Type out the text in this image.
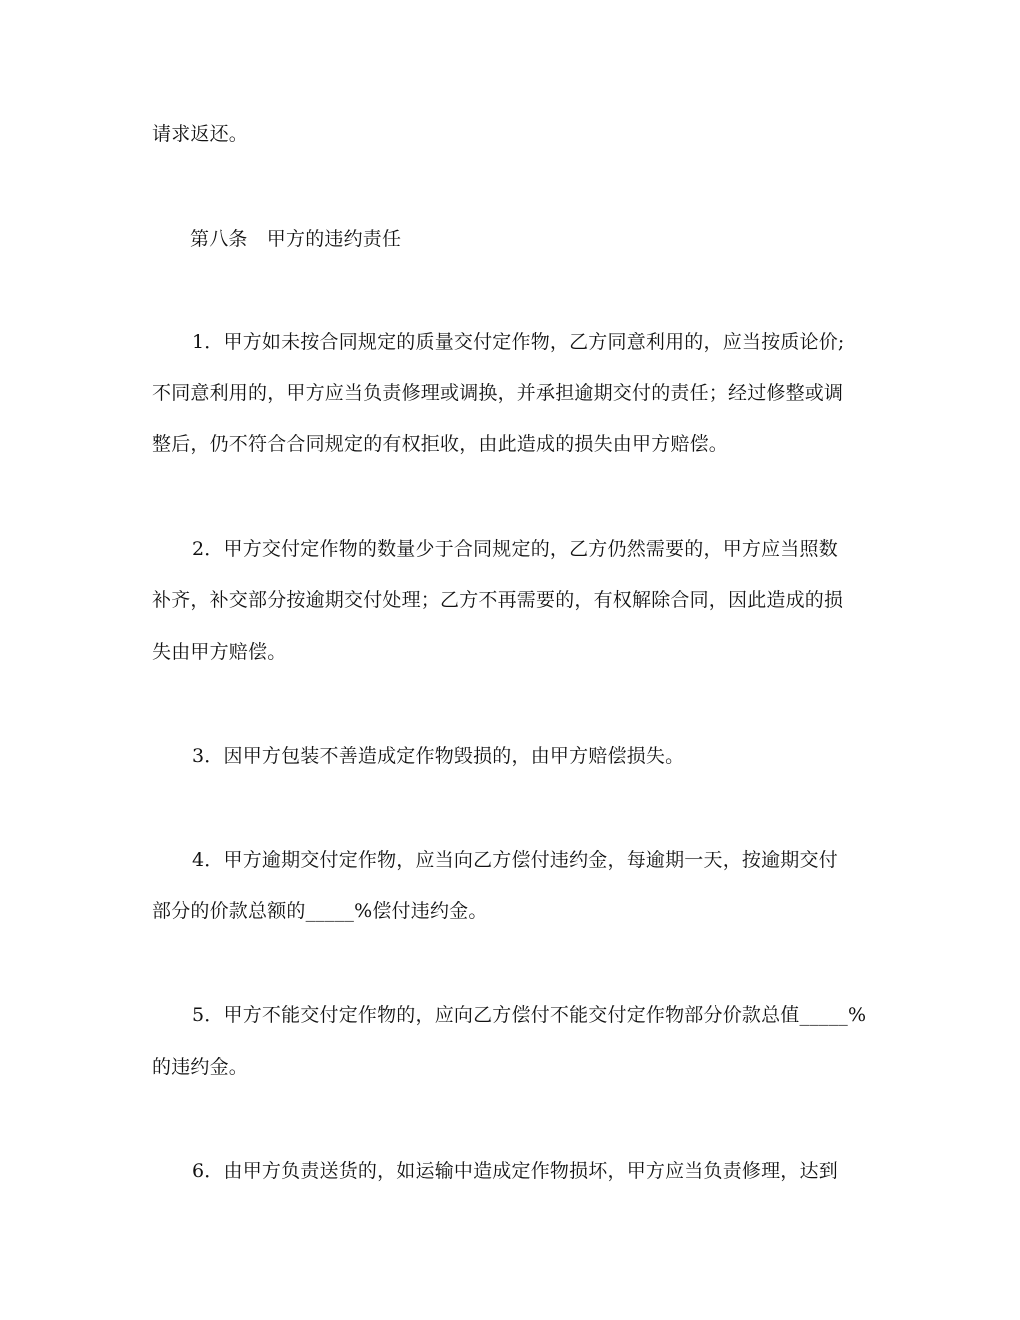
请求返还。
第八条　甲方的违约责任
1．甲方如未按合同规定的质量交付定作物，乙方同意利用的，应当按质论价;
不同意利用的，甲方应当负责修理或调换，并承担逾期交付的责任；经过修整或调
整后，仍不符合合同规定的有权拒收，由此造成的损失由甲方赔偿。
2．甲方交付定作物的数量少于合同规定的，乙方仍然需要的，甲方应当照数
补齐，补交部分按逾期交付处理；乙方不再需要的，有权解除合同，因此造成的损
失由甲方赔偿。
3．因甲方包装不善造成定作物毁损的，由甲方赔偿损失。
4．甲方逾期交付定作物，应当向乙方偿付违约金，每逾期一天，按逾期交付
部分的价款总额的_____%偿付违约金。
5．甲方不能交付定作物的，应向乙方偿付不能交付定作物部分价款总值_____%
的违约金。
6．由甲方负责送货的，如运输中造成定作物损坏，甲方应当负责修理，达到
